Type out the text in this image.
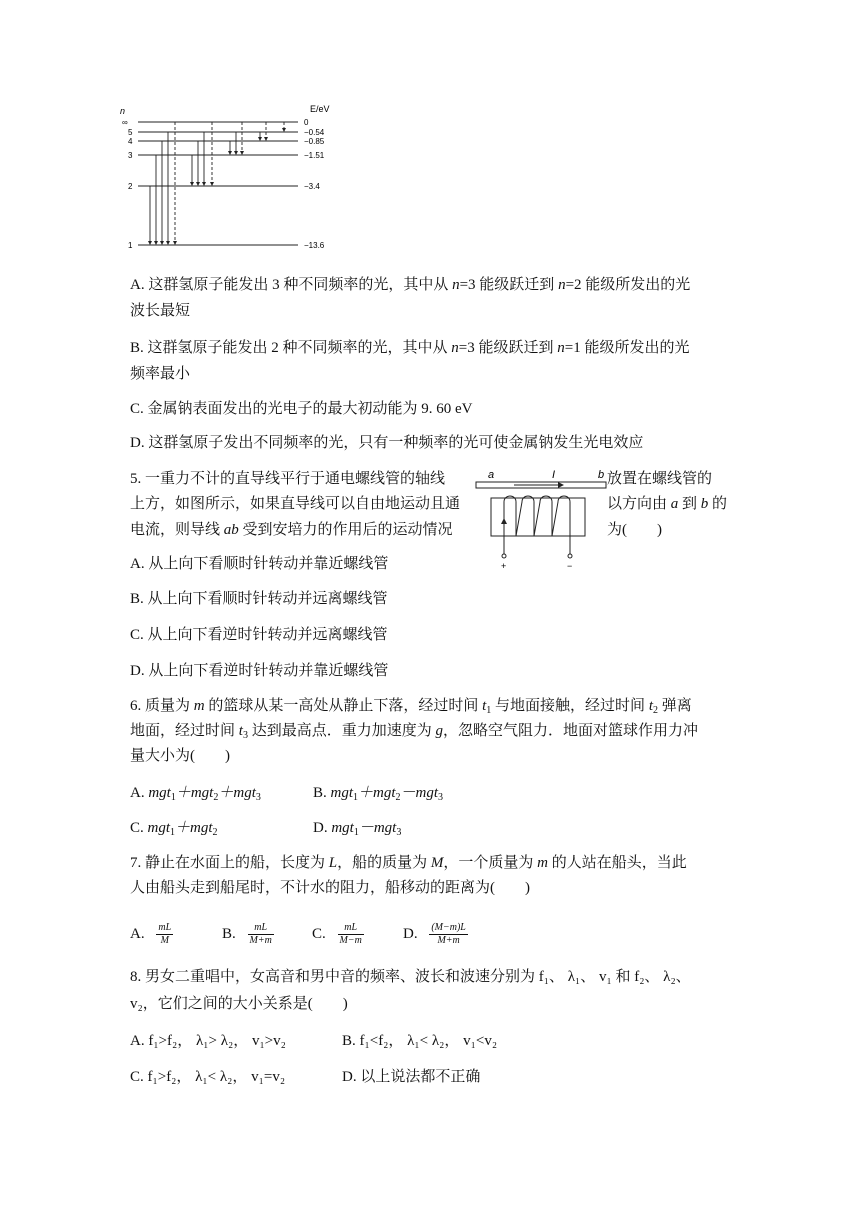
n	E/eV
∞
5
4
3
2
1
0
−0.54
−0.85
−1.51
−3.4
−13.6
A. 这群氢原子能发出 3 种不同频率的光，其中从 n=3 能级跃迁到 n=2 能级所发出的光
波长最短
B. 这群氢原子能发出 2 种不同频率的光，其中从 n=3 能级跃迁到 n=1 能级所发出的光
频率最小
C. 金属钠表面发出的光电子的最大初动能为 9. 60 eV
D. 这群氢原子发出不同频率的光，只有一种频率的光可使金属钠发生光电效应
5. 一重力不计的直导线平行于通电螺线管的轴线	放置在螺线管的
上方，如图所示，如果直导线可以自由地运动且通	以方向由 a 到 b 的
电流，则导线 ab 受到安培力的作用后的运动情况	为(　　)
a	I	b
+	−
A. 从上向下看顺时针转动并靠近螺线管
B. 从上向下看顺时针转动并远离螺线管
C. 从上向下看逆时针转动并远离螺线管
D. 从上向下看逆时针转动并靠近螺线管
6. 质量为 m 的篮球从某一高处从静止下落，经过时间 $t_1$ 与地面接触，经过时间 $t_2$ 弹离
地面，经过时间 $t_3$ 达到最高点．重力加速度为 g，忽略空气阻力．地面对篮球作用力冲
量大小为(　　)
A. mgt$_1$＋mgt$_2$＋mgt$_3$	B. mgt$_1$＋mgt$_2$－mgt$_3$
C. mgt$_1$＋mgt$_2$	D. mgt$_1$－mgt$_3$
7. 静止在水面上的船，长度为 L，船的质量为 M，一个质量为 m 的人站在船头，当此
人由船头走到船尾时，不计水的阻力，船移动的距离为(　　)
A. $\frac{mL}{M}$	B. $\frac{mL}{M+m}$	C. $\frac{mL}{M-m}$	D. $\frac{(M-m)L}{M+m}$
8. 男女二重唱中，女高音和男中音的频率、波长和波速分别为 f₁、 λ₁、 v₁ 和 f₂、 λ₂、
v₂，它们之间的大小关系是(　　)
A. f₁>f₂， λ₁> λ₂， v₁>v₂	B. f₁<f₂， λ₁< λ₂， v₁<v₂
C. f₁>f₂， λ₁< λ₂， v₁=v₂	D. 以上说法都不正确
